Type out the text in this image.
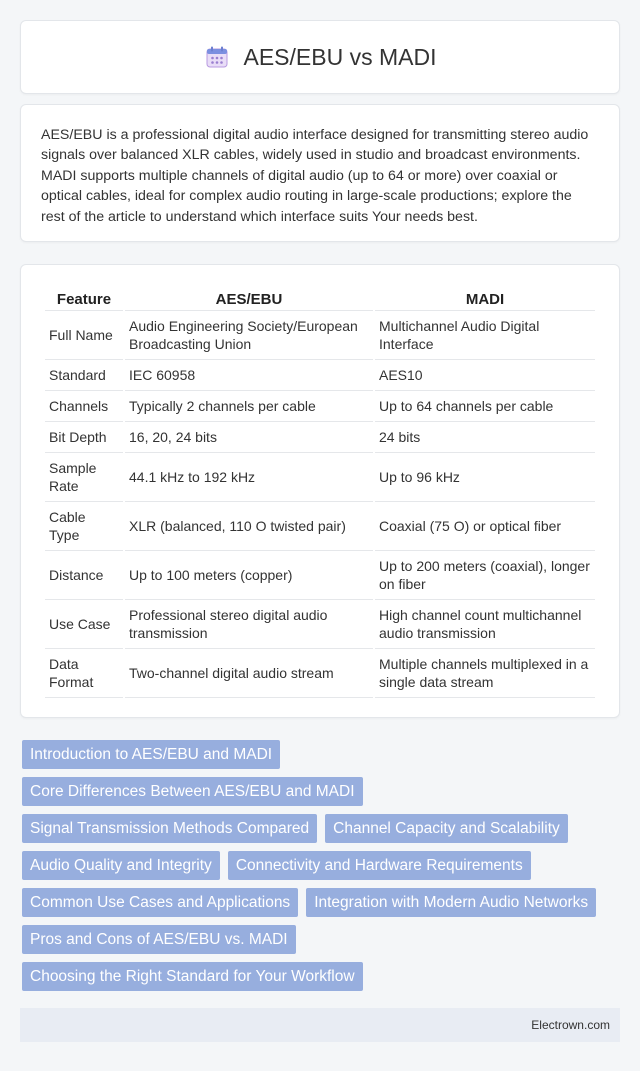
AES/EBU vs MADI

AES/EBU is a professional digital audio interface designed for transmitting stereo audio signals over balanced XLR cables, widely used in studio and broadcast environments. MADI supports multiple channels of digital audio (up to 64 or more) over coaxial or optical cables, ideal for complex audio routing in large-scale productions; explore the rest of the article to understand which interface suits Your needs best.

Feature	AES/EBU	MADI
Full Name	Audio Engineering Society/European Broadcasting Union	Multichannel Audio Digital Interface
Standard	IEC 60958	AES10
Channels	Typically 2 channels per cable	Up to 64 channels per cable
Bit Depth	16, 20, 24 bits	24 bits
Sample Rate	44.1 kHz to 192 kHz	Up to 96 kHz
Cable Type	XLR (balanced, 110 O twisted pair)	Coaxial (75 O) or optical fiber
Distance	Up to 100 meters (copper)	Up to 200 meters (coaxial), longer on fiber
Use Case	Professional stereo digital audio transmission	High channel count multichannel audio transmission
Data Format	Two-channel digital audio stream	Multiple channels multiplexed in a single data stream
Introduction to AES/EBU and MADI
Core Differences Between AES/EBU and MADI
Signal Transmission Methods Compared	Channel Capacity and Scalability
Audio Quality and Integrity	Connectivity and Hardware Requirements
Common Use Cases and Applications	Integration with Modern Audio Networks
Pros and Cons of AES/EBU vs. MADI
Choosing the Right Standard for Your Workflow
Electrown.com
